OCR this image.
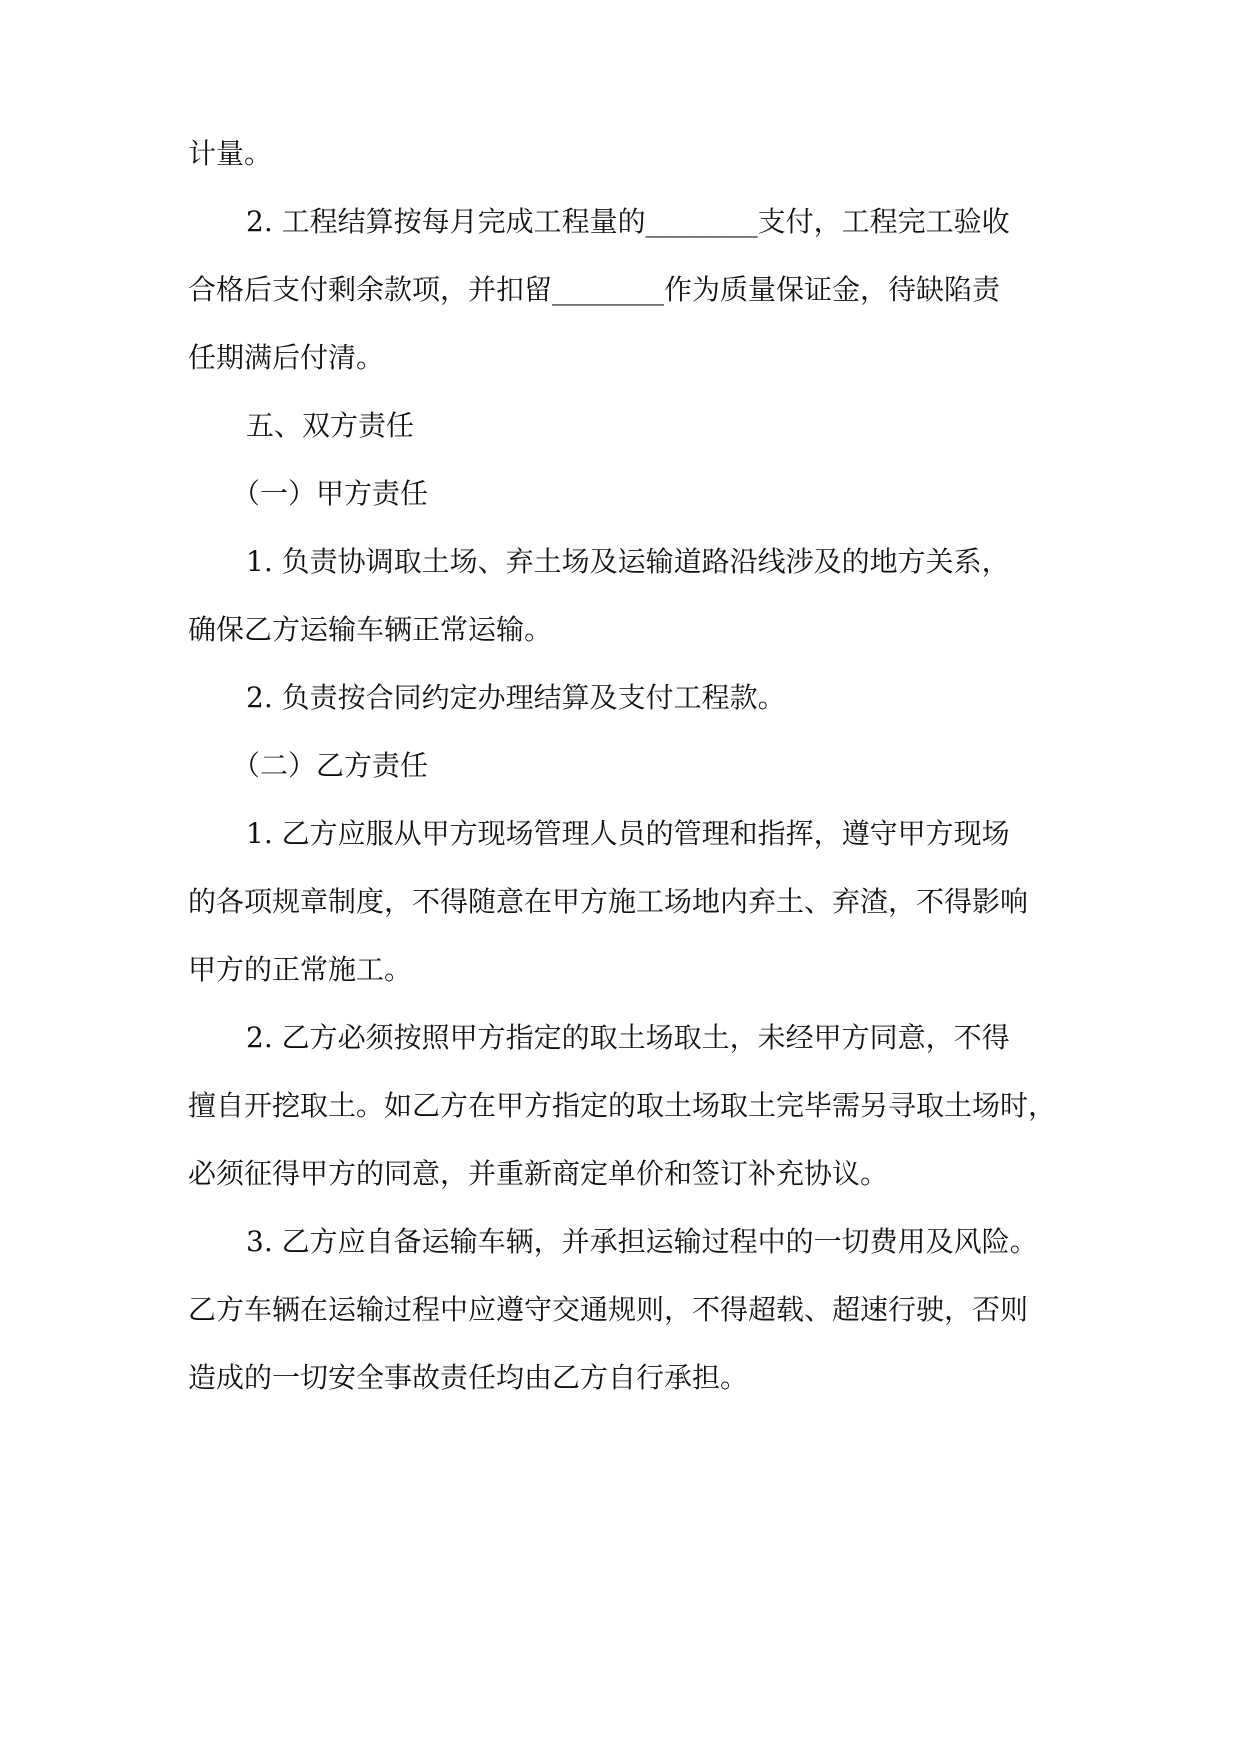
计量。
2. 工程结算按每月完成工程量的________支付，工程完工验收
合格后支付剩余款项，并扣留________作为质量保证金，待缺陷责
任期满后付清。
五、双方责任
（一）甲方责任
1. 负责协调取土场、弃土场及运输道路沿线涉及的地方关系，
确保乙方运输车辆正常运输。
2. 负责按合同约定办理结算及支付工程款。
（二）乙方责任
1. 乙方应服从甲方现场管理人员的管理和指挥，遵守甲方现场
的各项规章制度，不得随意在甲方施工场地内弃土、弃渣，不得影响
甲方的正常施工。
2. 乙方必须按照甲方指定的取土场取土，未经甲方同意，不得
擅自开挖取土。如乙方在甲方指定的取土场取土完毕需另寻取土场时，
必须征得甲方的同意，并重新商定单价和签订补充协议。
3. 乙方应自备运输车辆，并承担运输过程中的一切费用及风险。
乙方车辆在运输过程中应遵守交通规则，不得超载、超速行驶，否则
造成的一切安全事故责任均由乙方自行承担。
